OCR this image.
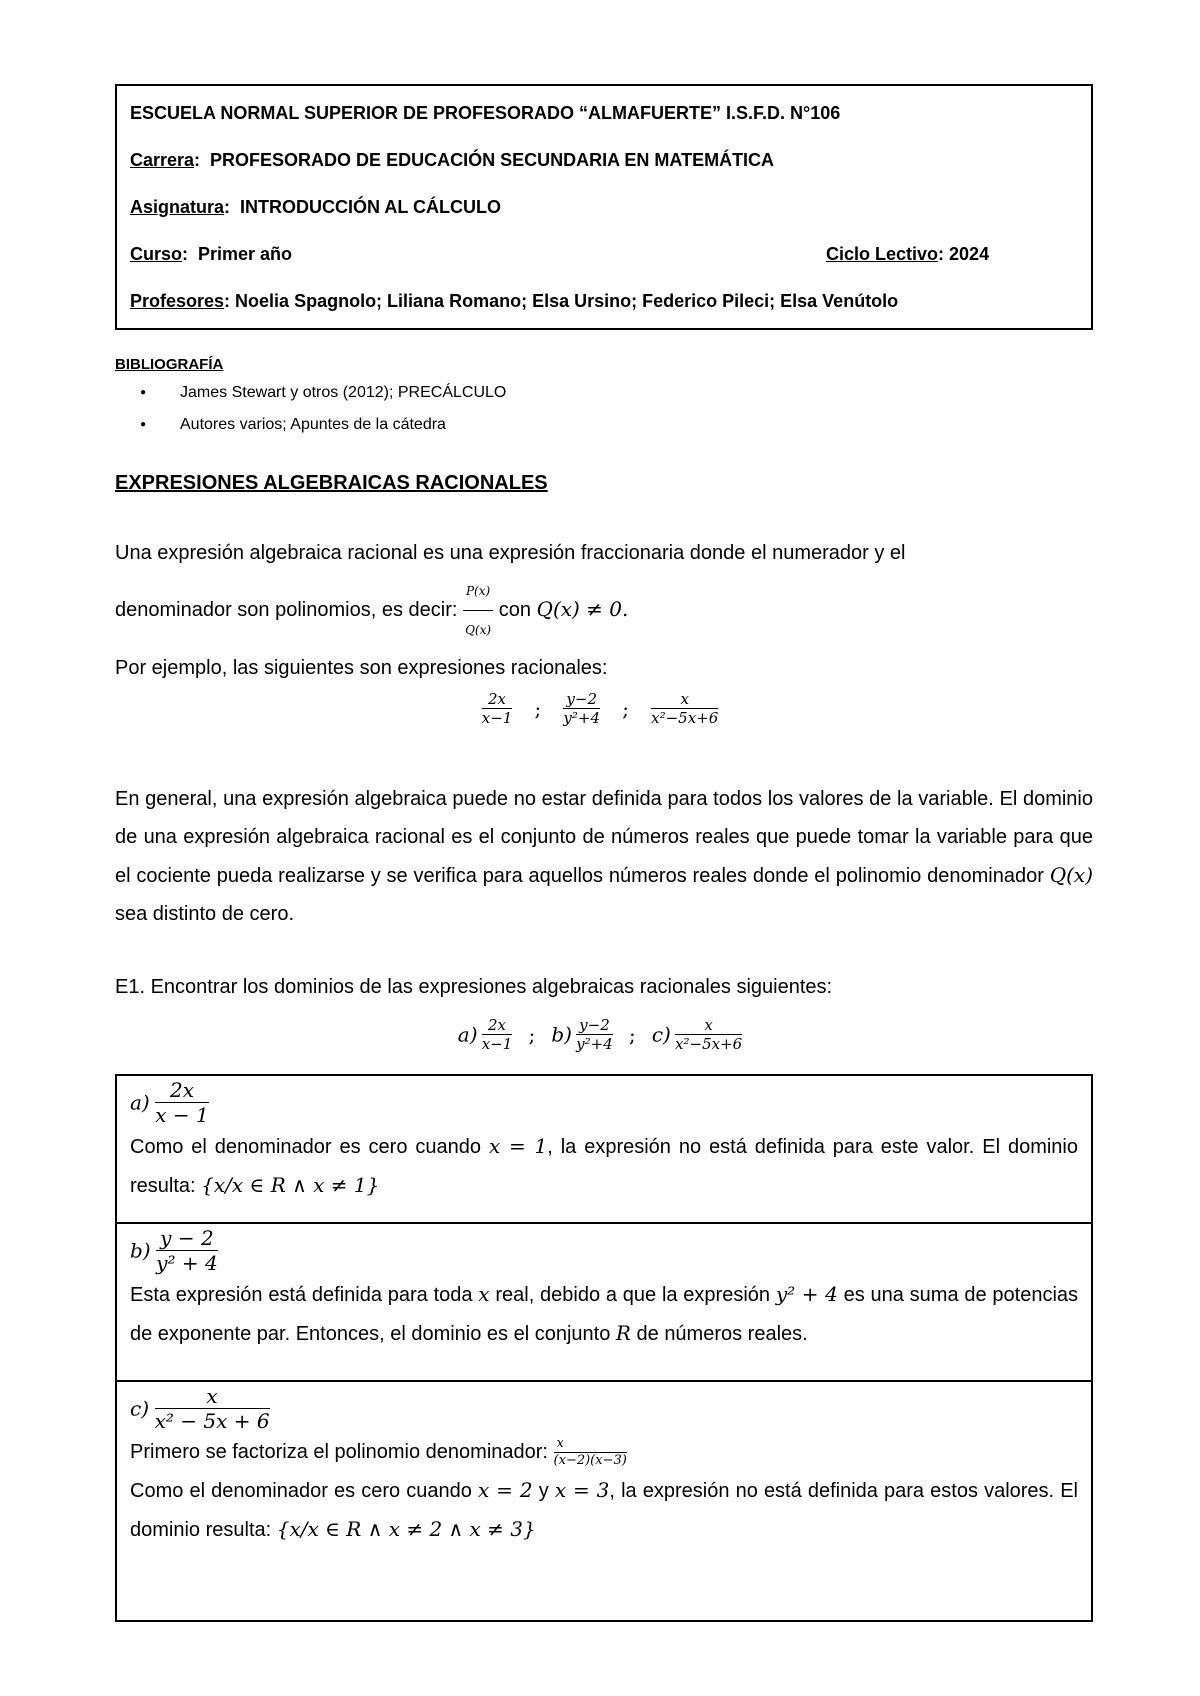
ESCUELA NORMAL SUPERIOR DE PROFESORADO “ALMAFUERTE” I.S.F.D. N°106
Carrera:  PROFESORADO DE EDUCACIÓN SECUNDARIA EN MATEMÁTICA
Asignatura:  INTRODUCCIÓN AL CÁLCULO
Curso:  Primer año	Ciclo Lectivo: 2024
Profesores: Noelia Spagnolo; Liliana Romano; Elsa Ursino; Federico Pileci; Elsa Venútolo
BIBLIOGRAFÍA
● James Stewart y otros (2012); PRECÁLCULO
● Autores varios; Apuntes de la cátedra
EXPRESIONES ALGEBRAICAS RACIONALES
Una expresión algebraica racional es una expresión fraccionaria donde el numerador y el
denominador son polinomios, es decir: $\frac{P(x)}{Q(x)}$ con Q(x) ≠ 0.
Por ejemplo, las siguientes son expresiones racionales:
$\frac{2x}{x-1}$ ; $\frac{y-2}{\text{y²+4}}$ ; $\frac{x}{\text{x²−5x+6}}$
En general, una expresión algebraica puede no estar definida para todos los valores de la variable. El dominio de una expresión algebraica racional es el conjunto de números reales que puede tomar la variable para que el cociente pueda realizarse y se verifica para aquellos números reales donde el polinomio denominador Q(x) sea distinto de cero.
E1. Encontrar los dominios de las expresiones algebraicas racionales siguientes:
$a) \frac{2x}{x-1}$ ; $b) \frac{y-2}{\text{y²+4}}$ ; $c) \frac{x}{\text{x²−5x+6}}$
$a) \frac{2x}{x - 1}$

Como el denominador es cero cuando x = 1, la expresión no está definida para este valor. El dominio resulta: {x/x ∈ R ∧ x ≠ 1}

$b) \frac{y - 2}{\text{y² + 4}}$

Esta expresión está definida para toda x real, debido a que la expresión y² + 4 es una suma de potencias de exponente par. Entonces, el dominio es el conjunto R de números reales.

$c) \frac{x}{\text{x² − 5x + 6}}$

Primero se factoriza el polinomio denominador: $\frac{x}{(x-2)(x-3)}$

Como el denominador es cero cuando x = 2 y x = 3, la expresión no está definida para estos valores. El dominio resulta: {x/x ∈ R ∧ x ≠ 2 ∧ x ≠ 3}
